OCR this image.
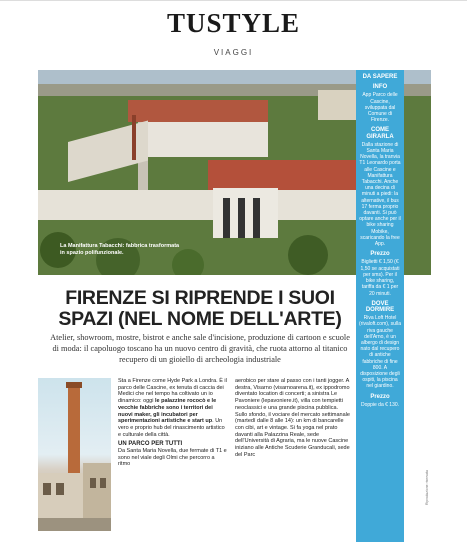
TUSTYLE
VIAGGI
La Manifattura Tabacchi: fabbrica trasformata in spazio polifunzionale.
DA SAPERE
INFO

App Parco delle Cascine, sviluppata dal Comune di Firenze.

COME GIRARLA

Dalla stazione di Santa Maria Novella, la tranvia T1 Leonardo porta alle Cascine e Manifattura Tabacchi. Anche una decina di minuti a piedi: la alternative, il bus 17 ferma proprio davanti. Si può optare anche per il bike sharing Mobike, scaricando la free App.

Prezzo

Biglietti € 1,50 (€ 1,50 se acquistati per sms). Per il bike sharing, tariffa da € 1 per 20 minuti.

DOVE DORMIRE

Riva Loft Hotel (rivaloft.com), sulla riva gauche dell'Arno, è un albergo di design nato dal recupero di antiche fabbriche di fine 800. A disposizione degli ospiti, la piscina nel giardino.

Prezzo

Doppie da € 130.

FIRENZE SI RIPRENDE I SUOI SPAZI (NEL NOME DELL'ARTE)
Atelier, showroom, mostre, bistrot e anche sale d'incisione, produzione di cartoon e scuole di moda: il capoluogo toscano ha un nuovo centro di gravità, che ruota attorno al titanico recupero di un gioiello di archeologia industriale

Sta a Firenze come Hyde Park a Londra. È il parco delle Cascine, ex tenuta di caccia dei Medici che nel tempo ha coltivato un io dinamico: oggi le palazzine rococò e le vecchie fabbriche sono i territori dei nuovi maker, gli incubatori per sperimentazioni artistiche e start up. Un vero e proprio hub del rinascimento artistico e culturale della città.

UN PARCO PER TUTTI

Da Santa Maria Novella, due fermate di T1 e sono nel viale degli Olmi che percorro a ritmo

aerobico per stare al passo con i tanti jogger. A destra, Visarno (visarnoarena.it), ex ippodromo diventato location di concerti; a sinistra Le Pavoniere (lepavoniere.it), villa con tempietti neoclassici e una grande piscina pubblica. Sullo sfondo, il vociare del mercato settimanale (martedì dalle 8 alle 14): un km di bancarelle con cibi, art e vintage. Si fa yoga nel prato davanti alla Palazzina Reale, sede dell'Università di Agraria, ma le nuove Cascine iniziano alle Antiche Scuderie Granducali, sede del Parc

Riproduzione riservata
